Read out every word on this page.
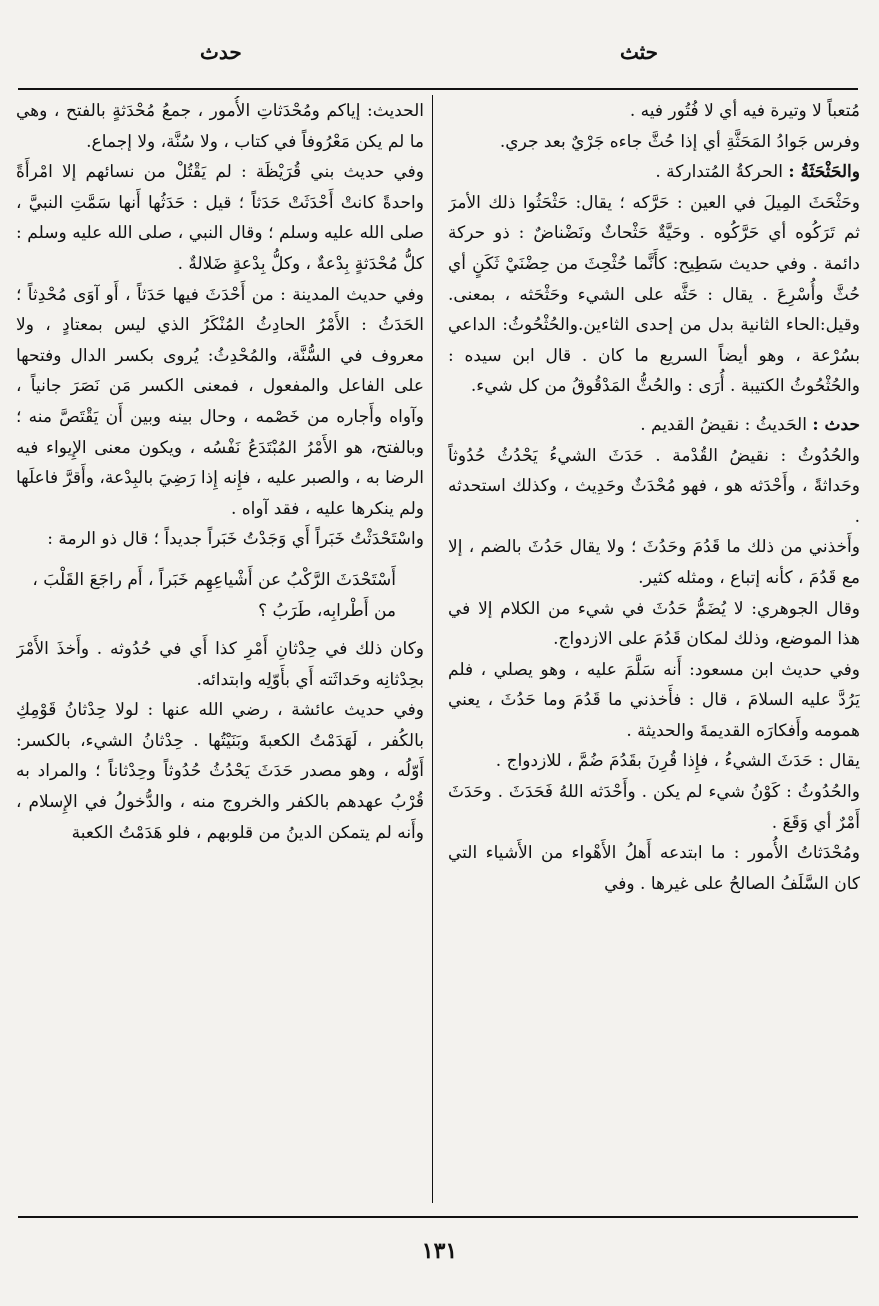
حثث
حدث

مُتعباً لا وتيرة فيه أي لا فُتُور فيه .

وفرس جَوادُ المَحَثَّةِ أي إذا حُثَّ جاءه جَرْيٌ بعد جري.

والحَثْحَثَةُ : الحركةُ المُتداركة .

وحَثْحَثَ المِيلَ في العين : حَرَّكه ؛ يقال: حَثْحَثُوا ذلك الأمرَ ثم تَرَكُوه أي حَرَّكُوه . وحَيَّةٌ حَثْحاثٌ ونَضْناضٌ : ذو حركة دائمة . وفي حديث سَطِيح: كأَنَّما حُثْحِثَ من حِضْنَيْ ثَكَنٍ أي حُثَّ وأُسْرِعَ . يقال : حَثَّه على الشيء وحَثْحَثه ، بمعنى. وقيل:الحاء الثانية بدل من إحدى الثاءين.والحُثْحُوثُ: الداعي بسُرْعة ، وهو أيضاً السريع ما كان . قال ابن سيده : والحُثْحُوثُ الكتيبة . أُرَى : والحُثُّ المَدْقُوقُ من كل شيء.

حدث : الحَديثُ : نقيضُ القديم .

والحُدُوثُ : نقيضُ القُدْمة . حَدَثَ الشيءُ يَحْدُثُ حُدُوثاً وحَداثةً ، وأَحْدَثه هو ، فهو مُحْدَثٌ وحَدِيث ، وكذلك استحدثه .

وأَخذني من ذلك ما قَدُمَ وحَدُثَ ؛ ولا يقال حَدُثَ بالضم ، إلا مع قَدُمَ ، كأنه إتباع ، ومثله كثير.

وقال الجوهري: لا يُضَمُّ حَدُثَ في شيء من الكلام إلا في هذا الموضع، وذلك لمكان قَدُمَ على الازدواج.

وفي حديث ابن مسعود: أَنه سَلَّمَ عليه ، وهو يصلي ، فلم يَرُدَّ عليه السلامَ ، قال : فأَخذني ما قَدُمَ وما حَدُثَ ، يعني همومه وأَفكارَه القديمةَ والحديثة .

يقال : حَدَثَ الشيءُ ، فإِذا قُرِنَ بقَدُمَ ضُمَّ ، للازدواج .

والحُدُوثُ : كَوْنُ شيء لم يكن . وأَحْدَثه اللهُ فَحَدَثَ . وحَدَثَ أَمْرٌ أي وَقَعَ .

ومُحْدَثاتُ الأُمور : ما ابتدعه أَهلُ الأَهْواء من الأَشياء التي كان السَّلَفُ الصالحُ على غيرها . وفي

الحديث: إياكم ومُحْدَثاتِ الأُمور ، جمعُ مُحْدَثةٍ بالفتح ، وهي ما لم يكن مَعْرُوفاً في كتاب ، ولا سُنَّة، ولا إجماع.

وفي حديث بني قُرَيْظَة : لم يَقْتُلْ من نسائهم إلا امْرأَةً واحدةً كانتْ أَحْدَثَتْ حَدَثاً ؛ قيل : حَدَثُها أَنها سَمَّتِ النبيَّ ، صلى الله عليه وسلم ؛ وقال النبي ، صلى الله عليه وسلم : كلُّ مُحْدَثةٍ بِدْعةٌ ، وكلُّ بِدْعةٍ ضَلالةٌ .

وفي حديث المدينة : من أَحْدَثَ فيها حَدَثاً ، أَو آوَى مُحْدِثاً ؛ الحَدَثُ : الأَمْرُ الحادِثُ المُنْكَرُ الذي ليس بمعتادٍ ، ولا معروف في السُّنَّة، والمُحْدِثُ: يُروى بكسر الدال وفتحها على الفاعل والمفعول ، فمعنى الكسر مَن نَصَرَ جانياً ، وآواه وأَجاره من خَصْمه ، وحال بينه وبين أَن يَقْتَصَّ منه ؛ وبالفتح، هو الأَمْرُ المُبْتَدَعُ نَفْسُه ، ويكون معنى الإِيواء فيه الرضا به ، والصبر عليه ، فإِنه إِذا رَضِيَ بالبِدْعة، وأَقرَّ فاعلَها ولم ينكرها عليه ، فقد آواه .

واسْتَحْدَثْتُ خَبَراً أَي وَجَدْتُ خَبَراً جديداً ؛ قال ذو الرمة :

أَسْتَحْدَثَ الرَّكْبُ عن أَشْياعِهِم خَبَراً ، أَم راجَعَ القَلْبَ ، من أَطْرابِه، طَرَبُ ؟

وكان ذلك في حِدْثانِ أَمْرِ كذا أَي في حُدُوثه . وأَخذَ الأَمْرَ بحِدْثانِه وحَداثَته أَي بأَوّلِه وابتدائه.

وفي حديث عائشة ، رضي الله عنها : لولا حِدْثانُ قَوْمِكِ بالكُفر ، لَهَدَمْتُ الكعبةَ وبَنَيْتُها . حِدْثانُ الشيء، بالكسر: أَوّلُه ، وهو مصدر حَدَثَ يَحْدُثُ حُدُوثاً وحِدْثاناً ؛ والمراد به قُرْبُ عهدهم بالكفر والخروج منه ، والدُّخولُ في الإِسلام ، وأَنه لم يتمكن الدينُ من قلوبهم ، فلو هَدَمْتُ الكعبة

١٣١
